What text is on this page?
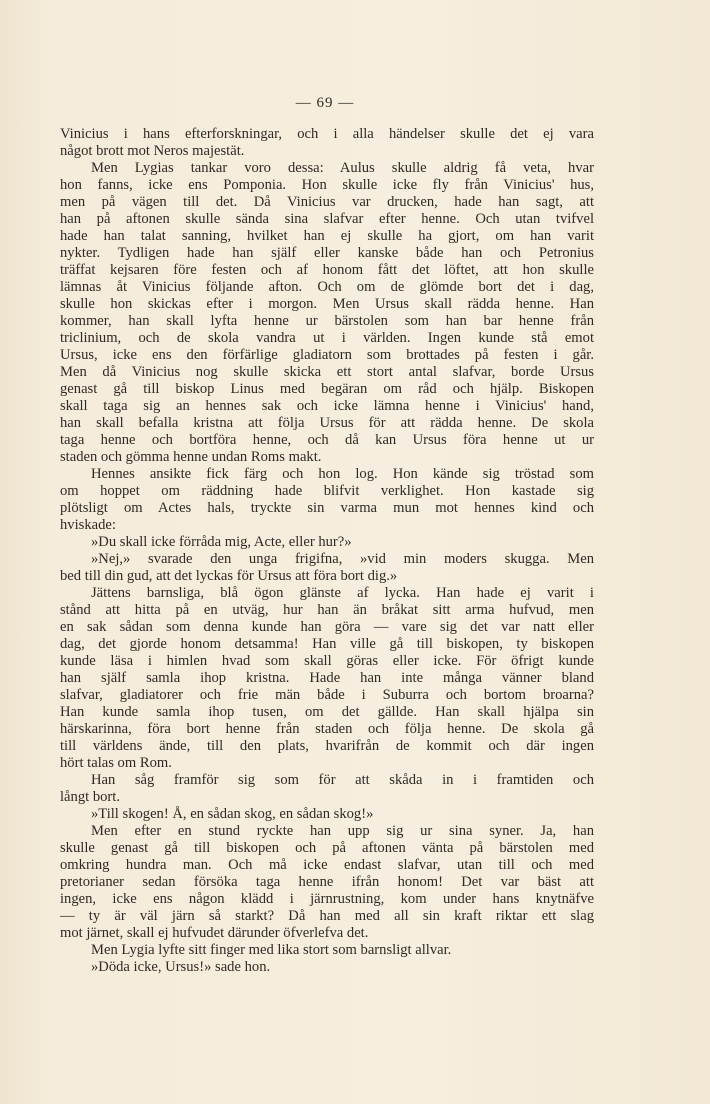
— 69 —
Vinicius i hans efterforskningar, och i alla händelser skulle det ej vara
något brott mot Neros majestät.
Men Lygias tankar voro dessa: Aulus skulle aldrig få veta, hvar
hon fanns, icke ens Pomponia. Hon skulle icke fly från Vinicius' hus,
men på vägen till det. Då Vinicius var drucken, hade han sagt, att
han på aftonen skulle sända sina slafvar efter henne. Och utan tvifvel
hade han talat sanning, hvilket han ej skulle ha gjort, om han varit
nykter. Tydligen hade han själf eller kanske både han och Petronius
träffat kejsaren före festen och af honom fått det löftet, att hon skulle
lämnas åt Vinicius följande afton. Och om de glömde bort det i dag,
skulle hon skickas efter i morgon. Men Ursus skall rädda henne. Han
kommer, han skall lyfta henne ur bärstolen som han bar henne från
triclinium, och de skola vandra ut i världen. Ingen kunde stå emot
Ursus, icke ens den förfärlige gladiatorn som brottades på festen i går.
Men då Vinicius nog skulle skicka ett stort antal slafvar, borde Ursus
genast gå till biskop Linus med begäran om råd och hjälp. Biskopen
skall taga sig an hennes sak och icke lämna henne i Vinicius' hand,
han skall befalla kristna att följa Ursus för att rädda henne. De skola
taga henne och bortföra henne, och då kan Ursus föra henne ut ur
staden och gömma henne undan Roms makt.
Hennes ansikte fick färg och hon log. Hon kände sig tröstad som
om hoppet om räddning hade blifvit verklighet. Hon kastade sig
plötsligt om Actes hals, tryckte sin varma mun mot hennes kind och
hviskade:
»Du skall icke förråda mig, Acte, eller hur?»
»Nej,» svarade den unga frigifna, »vid min moders skugga. Men
bed till din gud, att det lyckas för Ursus att föra bort dig.»
Jättens barnsliga, blå ögon glänste af lycka. Han hade ej varit i
stånd att hitta på en utväg, hur han än bråkat sitt arma hufvud, men
en sak sådan som denna kunde han göra — vare sig det var natt eller
dag, det gjorde honom detsamma! Han ville gå till biskopen, ty biskopen
kunde läsa i himlen hvad som skall göras eller icke. För öfrigt kunde
han själf samla ihop kristna. Hade han inte många vänner bland
slafvar, gladiatorer och frie män både i Suburra och bortom broarna?
Han kunde samla ihop tusen, om det gällde. Han skall hjälpa sin
härskarinna, föra bort henne från staden och följa henne. De skola gå
till världens ände, till den plats, hvarifrån de kommit och där ingen
hört talas om Rom.
Han såg framför sig som för att skåda in i framtiden och
långt bort.
»Till skogen! Å, en sådan skog, en sådan skog!»
Men efter en stund ryckte han upp sig ur sina syner. Ja, han
skulle genast gå till biskopen och på aftonen vänta på bärstolen med
omkring hundra man. Och må icke endast slafvar, utan till och med
pretorianer sedan försöka taga henne ifrån honom! Det var bäst att
ingen, icke ens någon klädd i järnrustning, kom under hans knytnäfve
— ty är väl järn så starkt? Då han med all sin kraft riktar ett slag
mot järnet, skall ej hufvudet därunder öfverlefva det.
Men Lygia lyfte sitt finger med lika stort som barnsligt allvar.
»Döda icke, Ursus!» sade hon.
